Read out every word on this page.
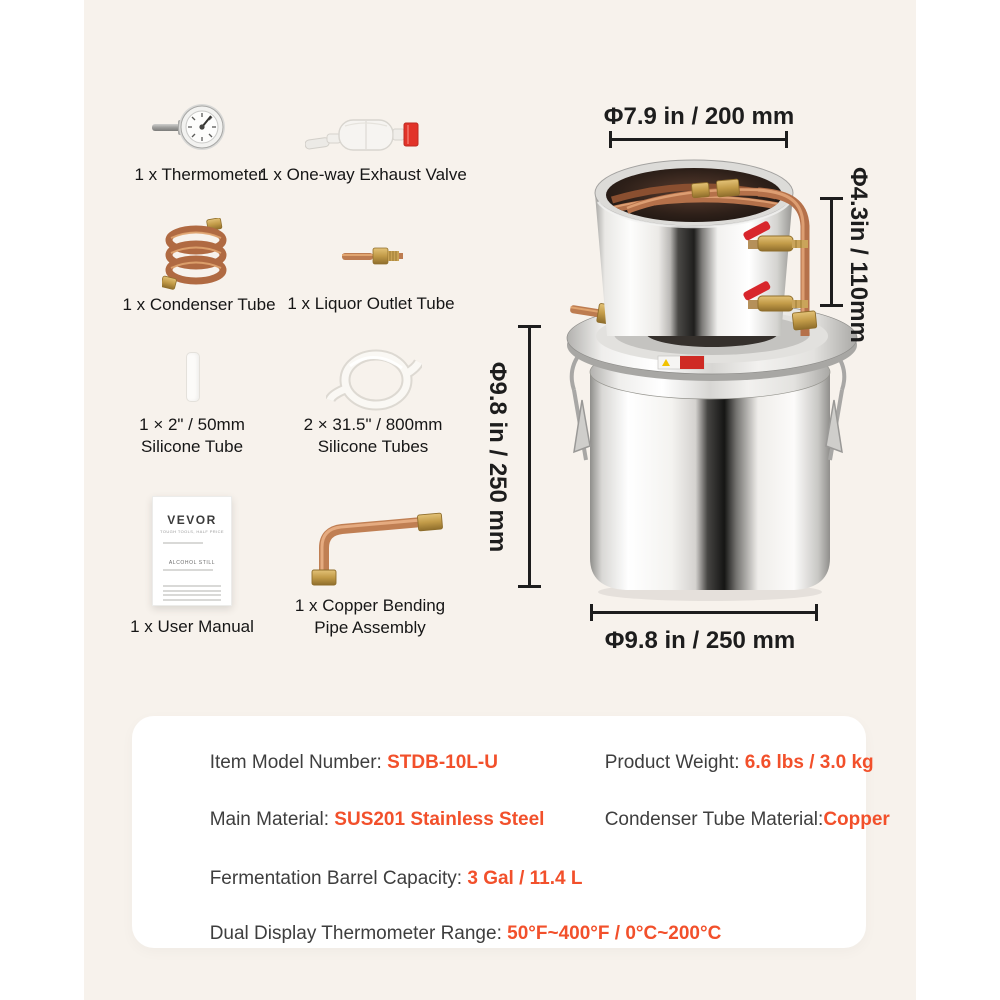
VEVOR
TOUGH TOOLS, HALF PRICE
ALCOHOL STILL
1 x Thermometer
1 x One-way Exhaust Valve
1 x Condenser Tube 1 x Liquor Outlet Tube
1 × 2" / 50mm
Silicone Tube
2 × 31.5" / 800mm
Silicone Tubes
1 x User Manual
1 x Copper Bending
Pipe Assembly
Φ7.9 in / 200 mm
Φ4.3in / 110mm
Φ9.8 in / 250 mm
Φ9.8 in / 250 mm

Item Model Number: STDB-10L-U
	Product Weight: 6.6 lbs / 3.0 kg

Main Material: SUS201 Stainless Steel
	Condenser Tube Material:Copper

Fermentation Barrel Capacity: 3 Gal / 11.4 L

Dual Display Thermometer Range: 50°F~400°F / 0°C~200°C
